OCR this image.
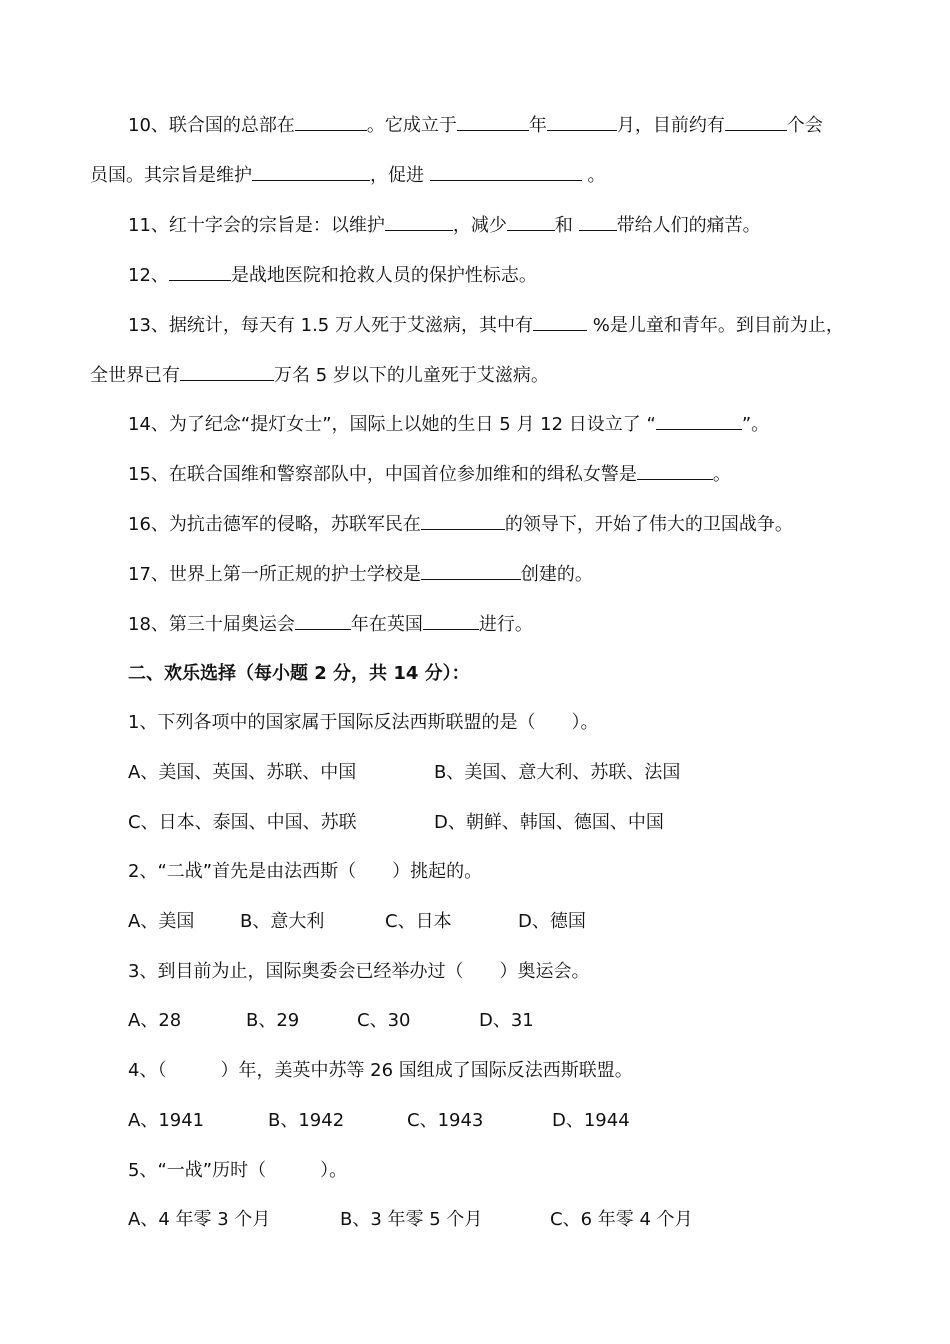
10、联合国的总部在	。它成立于	年	月，目前约有	个会
员国。其宗旨是维护	，促进	。
11、红十字会的宗旨是：以维护	，减少	和 带给人们的痛苦。
12、	是战地医院和抢救人员的保护性标志。
13、据统计，每天有 1.5 万人死于艾滋病，其中有	%是儿童和青年。到目前为止，
全世界已有	万名 5 岁以下的儿童死于艾滋病。
14、为了纪念“提灯女士”，国际上以她的生日 5 月 12 日设立了 “	”。
15、在联合国维和警察部队中，中国首位参加维和的缉私女警是	。
16、为抗击德军的侵略，苏联军民在	的领导下，开始了伟大的卫国战争。
17、世界上第一所正规的护士学校是	创建的。
18、第三十届奥运会	年在英国	进行。
二、欢乐选择（每小题 2 分，共 14 分）：
1、下列各项中的国家属于国际反法西斯联盟的是（　　）。
A、美国、英国、苏联、中国	B、美国、意大利、苏联、法国
C、日本、泰国、中国、苏联	D、朝鲜、韩国、德国、中国
2、“二战”首先是由法西斯（　　）挑起的。
A、美国	B、意大利	C、日本	D、德国
3、到目前为止，国际奥委会已经举办过（　　）奥运会。
A、28	B、29	C、30	D、31
4、（　　　）年，美英中苏等 26 国组成了国际反法西斯联盟。
A、1941	B、1942	C、1943	D、1944
5、“一战”历时（　　　）。
A、4 年零 3 个月	B、3 年零 5 个月	C、6 年零 4 个月
